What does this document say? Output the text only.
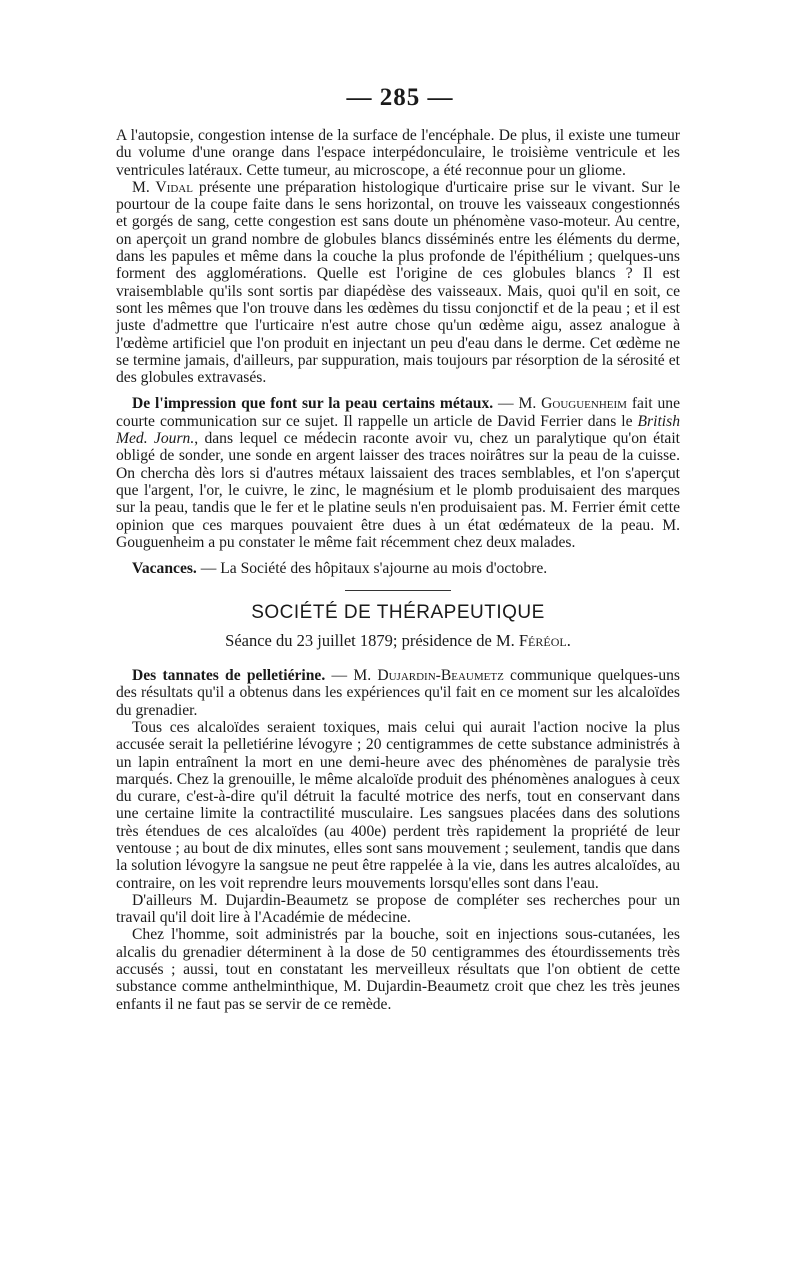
— 285 —

A l'autopsie, congestion intense de la surface de l'encéphale. De plus, il existe une tumeur du volume d'une orange dans l'espace interpédonculaire, le troisième ventricule et les ventricules latéraux. Cette tumeur, au microscope, a été reconnue pour un gliome.

M. Vidal présente une préparation histologique d'urticaire prise sur le vivant. Sur le pourtour de la coupe faite dans le sens horizontal, on trouve les vaisseaux congestionnés et gorgés de sang, cette congestion est sans doute un phénomène vaso-moteur. Au centre, on aperçoit un grand nombre de globules blancs disséminés entre les éléments du derme, dans les papules et même dans la couche la plus profonde de l'épithélium ; quelques-uns forment des agglomérations. Quelle est l'origine de ces globules blancs ? Il est vraisemblable qu'ils sont sortis par diapédèse des vaisseaux. Mais, quoi qu'il en soit, ce sont les mêmes que l'on trouve dans les œdèmes du tissu conjonctif et de la peau ; et il est juste d'admettre que l'urticaire n'est autre chose qu'un œdème aigu, assez analogue à l'œdème artificiel que l'on produit en injectant un peu d'eau dans le derme. Cet œdème ne se termine jamais, d'ailleurs, par suppuration, mais toujours par résorption de la sérosité et des globules extravasés.

De l'impression que font sur la peau certains métaux. — M. Gouguenheim fait une courte communication sur ce sujet. Il rappelle un article de David Ferrier dans le British Med. Journ., dans lequel ce médecin raconte avoir vu, chez un paralytique qu'on était obligé de sonder, une sonde en argent laisser des traces noirâtres sur la peau de la cuisse. On chercha dès lors si d'autres métaux laissaient des traces semblables, et l'on s'aperçut que l'argent, l'or, le cuivre, le zinc, le magnésium et le plomb produisaient des marques sur la peau, tandis que le fer et le platine seuls n'en produisaient pas. M. Ferrier émit cette opinion que ces marques pouvaient être dues à un état œdémateux de la peau. M. Gouguenheim a pu constater le même fait récemment chez deux malades.

Vacances. — La Société des hôpitaux s'ajourne au mois d'octobre.

SOCIÉTÉ DE THÉRAPEUTIQUE
Séance du 23 juillet 1879; présidence de M. Féréol.

Des tannates de pelletiérine. — M. Dujardin-Beaumetz communique quelques-uns des résultats qu'il a obtenus dans les expériences qu'il fait en ce moment sur les alcaloïdes du grenadier.

Tous ces alcaloïdes seraient toxiques, mais celui qui aurait l'action nocive la plus accusée serait la pelletiérine lévogyre ; 20 centigrammes de cette substance administrés à un lapin entraînent la mort en une demi-heure avec des phénomènes de paralysie très marqués. Chez la grenouille, le même alcaloïde produit des phénomènes analogues à ceux du curare, c'est-à-dire qu'il détruit la faculté motrice des nerfs, tout en conservant dans une certaine limite la contractilité musculaire. Les sangsues placées dans des solutions très étendues de ces alcaloïdes (au 400e) perdent très rapidement la propriété de leur ventouse ; au bout de dix minutes, elles sont sans mouvement ; seulement, tandis que dans la solution lévogyre la sangsue ne peut être rappelée à la vie, dans les autres alcaloïdes, au contraire, on les voit reprendre leurs mouvements lorsqu'elles sont dans l'eau.

D'ailleurs M. Dujardin-Beaumetz se propose de compléter ses recherches pour un travail qu'il doit lire à l'Académie de médecine.

Chez l'homme, soit administrés par la bouche, soit en injections sous-cutanées, les alcalis du grenadier déterminent à la dose de 50 centigrammes des étourdissements très accusés ; aussi, tout en constatant les merveilleux résultats que l'on obtient de cette substance comme anthelminthique, M. Dujardin-Beaumetz croit que chez les très jeunes enfants il ne faut pas se servir de ce remède.
